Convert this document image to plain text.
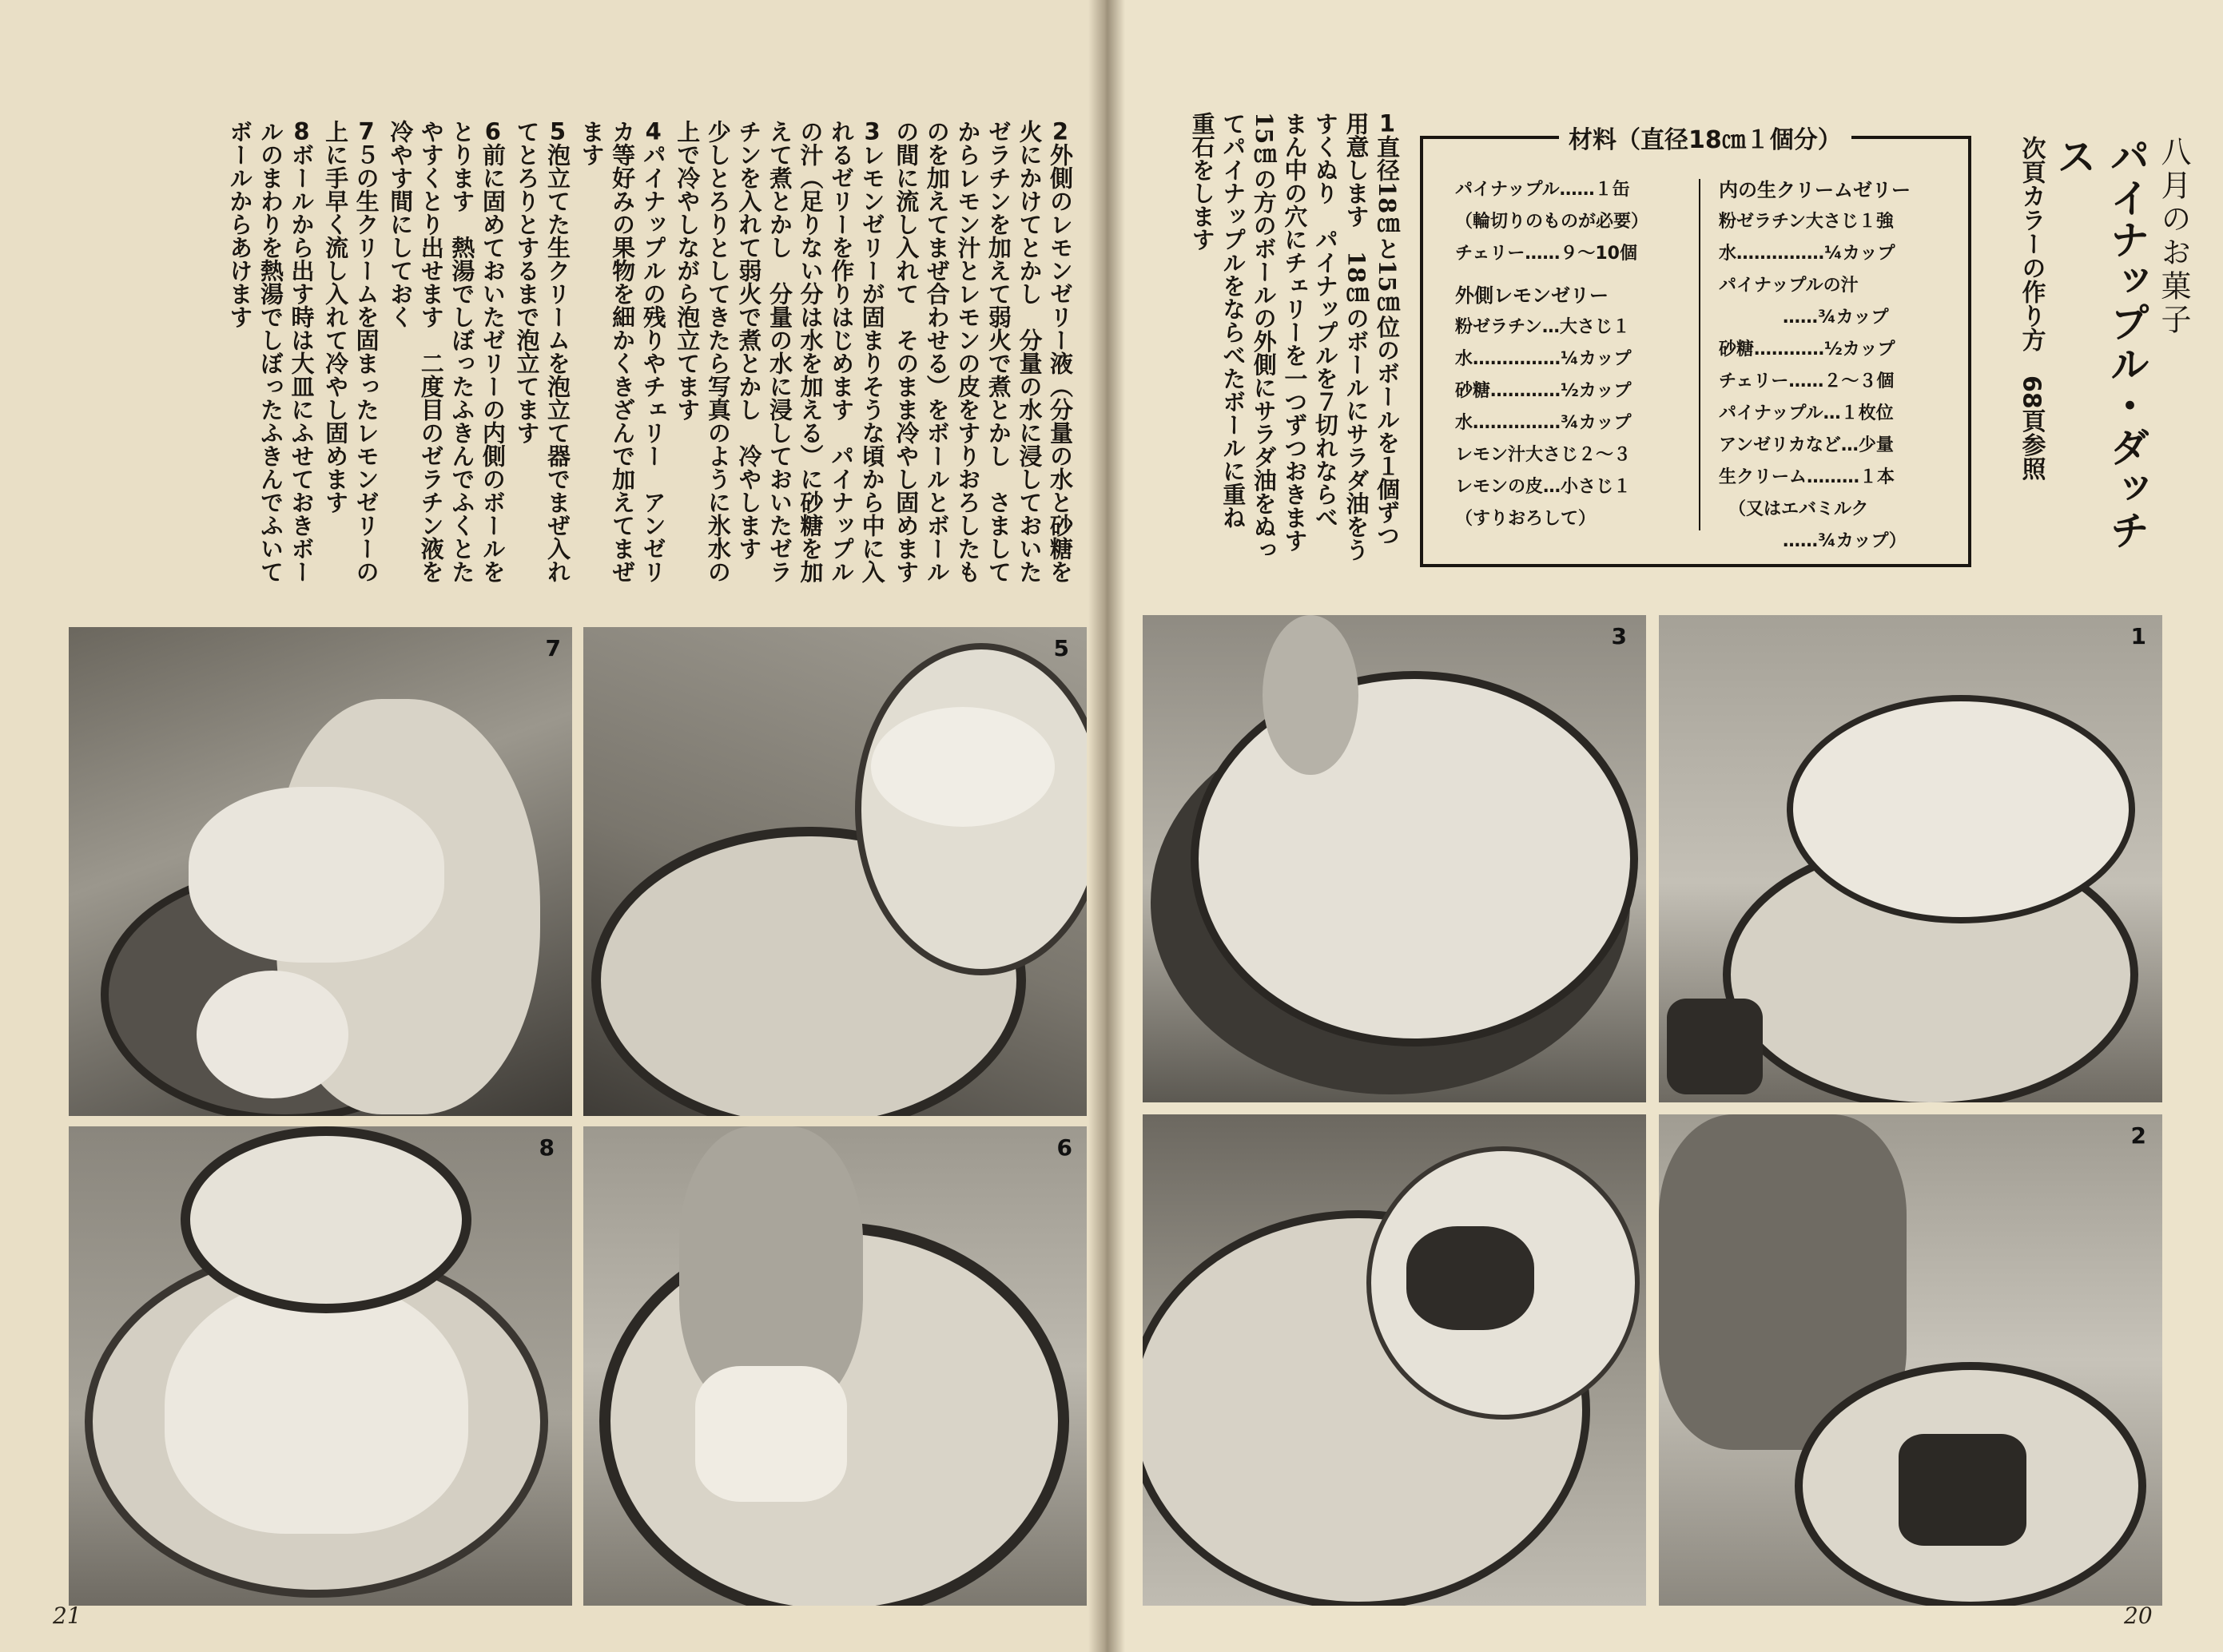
八月のお菓子
パイナップル・ダッチス
次頁カラーの作り方　68頁参照
材料（直径18㎝１個分）
パイナップル……１缶
（輪切りのものが必要）
チェリー……９〜10個
外側レモンゼリー
粉ゼラチン…大さじ１
水……………¼カップ
砂糖…………½カップ
水……………¾カップ
レモン汁大さじ２〜３
レモンの皮…小さじ１
（すりおろして）
内の生クリームゼリー
粉ゼラチン大さじ１強
水……………¼カップ
パイナップルの汁
……¾カップ
砂糖…………½カップ
チェリー……２〜３個
パイナップル…１枚位
アンゼリカなど…少量
生クリーム………１本
（又はエバミルク
……¾カップ）
1直径18㎝と15㎝位のボールを１個ずつ用意します　18㎝のボールにサラダ油をうすくぬり　パイナップルを７切れならべ　まん中の穴にチェリーを一つずつおきます　15㎝の方のボールの外側にサラダ油をぬってパイナップルをならべたボールに重ね　重石をします
2外側のレモンゼリー液（分量の水と砂糖を火にかけてとかし　分量の水に浸しておいたゼラチンを加えて弱火で煮とかし　さましてからレモン汁とレモンの皮をすりおろしたものを加えてまぜ合わせる）をボールとボールの間に流し入れて　そのまま冷やし固めます
3レモンゼリーが固まりそうな頃から中に入れるゼリーを作りはじめます　パイナップルの汁（足りない分は水を加える）に砂糖を加えて煮とかし　分量の水に浸しておいたゼラチンを入れて弱火で煮とかし　冷やします　少しとろりとしてきたら写真のように氷水の上で冷やしながら泡立てます
4パイナップルの残りやチェリー　アンゼリカ等好みの果物を細かくきざんで加えてまぜます
5泡立てた生クリームを泡立て器でまぜ入れてとろりとするまで泡立てます
6前に固めておいたゼリーの内側のボールをとります　熱湯でしぼったふきんでふくとたやすくとり出せます　二度目のゼラチン液を冷やす間にしておく
7５の生クリームを固まったレモンゼリーの上に手早く流し入れて冷やし固めます
8ボールから出す時は大皿にふせておきボールのまわりを熱湯でしぼったふきんでふいてボールからあけます
7	5
8	6
3	1
2
21	20
